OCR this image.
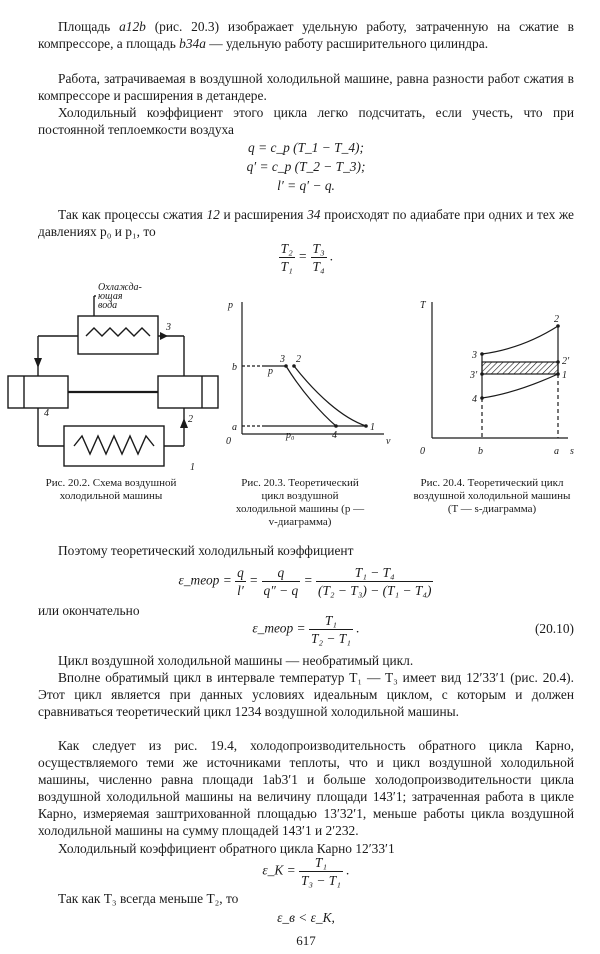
Площадь a12b (рис. 20.3) изображает удельную работу, затраченную на сжатие в компрессоре, а площадь b34a — удельную работу расширительного цилиндра.

Работа, затрачиваемая в воздушной холодильной машине, равна разности работ сжатия в компрессоре и расширения в детандере.

Холодильный коэффициент этого цикла легко подсчитать, если учесть, что при постоянной теплоемкости воздуха

q = c_p (T_1 − T_4);
q′ = c_p (T_2 − T_3);
l′ = q′ − q.

Так как процессы сжатия 12 и расширения 34 происходят по адиабате при одних и тех же давлениях p₀ и p₁, то

$\frac{\text{T₂}}{\text{T₁}} = \frac{\text{T₃}}{\text{T₄}}$ .
Охлажда-
ющая
вода
1
2
3
4
Рис. 20.2. Схема воздушной холодильной машины
p
v
0
a
b	p
p₀
1
2
3
4
Рис. 20.3. Теоретический цикл воздушной холодильной машины (p — v-диаграмма)
T
s
0	a
b
1
2
2′
3
3′
4
Рис. 20.4. Теоретический цикл воздушной холодильной машины (T — s-диаграмма)

Поэтому теоретический холодильный коэффициент

ε_теор = $\frac{q}{l'} = \frac{q}{q'' - q} = \frac{\text{T₁ − T₄}}{\text{(T₂ − T₃) − (T₁ − T₄)}}$

или окончательно

ε_теор = $\frac{\text{T₁}}{\text{T₂ − T₁}}$ .	(20.10)

Цикл воздушной холодильной машины — необратимый цикл.

Вполне обратимый цикл в интервале температур T₁ — T₃ имеет вид 12′33′1 (рис. 20.4). Этот цикл является при данных условиях идеальным циклом, с которым и должен сравниваться теоретический цикл 1234 воздушной холодильной машины.

Как следует из рис. 19.4, холодопроизводительность обратного цикла Карно, осуществляемого теми же источниками теплоты, что и цикл воздушной холодильной машины, численно равна площади 1ab3′1 и больше холодопроизводительности цикла воздушной холодильной машины на величину площади 143′1; затраченная работа в цикле Карно, измеряемая заштрихованной площадью 13′32′1, меньше работы цикла воздушной холодильной машины на сумму площадей 143′1 и 2′232.

Холодильный коэффициент обратного цикла Карно 12′33′1

ε_К = $\frac{\text{T₁}}{\text{T₃ − T₁}}$ .

Так как T₃ всегда меньше T₂, то

ε_в < ε_К,
617
